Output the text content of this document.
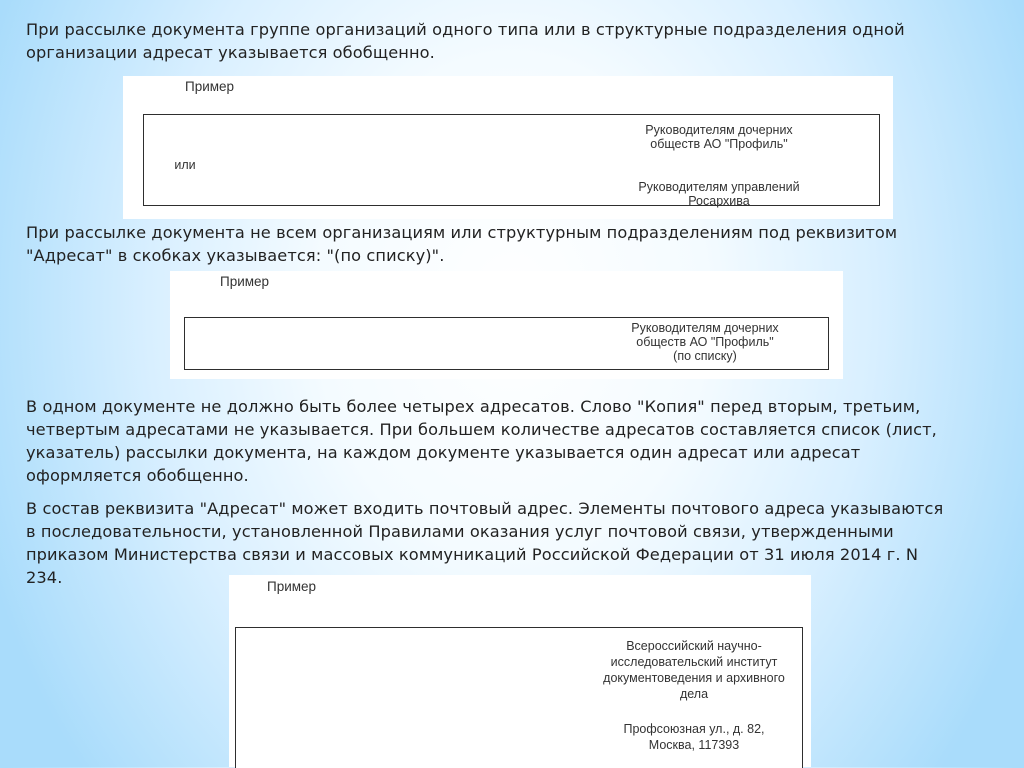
При рассылке документа группе организаций одного типа или в структурные подразделения одной
организации адресат указывается обобщенно.
Пример
Руководителям дочерних
обществ АО "Профиль"
или
Руководителям управлений
Росархива
При рассылке документа не всем организациям или структурным подразделениям под реквизитом
"Адресат" в скобках указывается: "(по списку)".
Пример
Руководителям дочерних
обществ АО "Профиль"
(по списку)
В одном документе не должно быть более четырех адресатов. Слово "Копия" перед вторым, третьим,
четвертым адресатами не указывается. При большем количестве адресатов составляется список (лист,
указатель) рассылки документа, на каждом документе указывается один адресат или адресат
оформляется обобщенно.
В состав реквизита "Адресат" может входить почтовый адрес. Элементы почтового адреса указываются
в последовательности, установленной Правилами оказания услуг почтовой связи, утвержденными
приказом Министерства связи и массовых коммуникаций Российской Федерации от 31 июля 2014 г. N
234.	Пример
Всероссийский научно-
исследовательский институт
документоведения и архивного
дела
Профсоюзная ул., д. 82,
Москва, 117393
